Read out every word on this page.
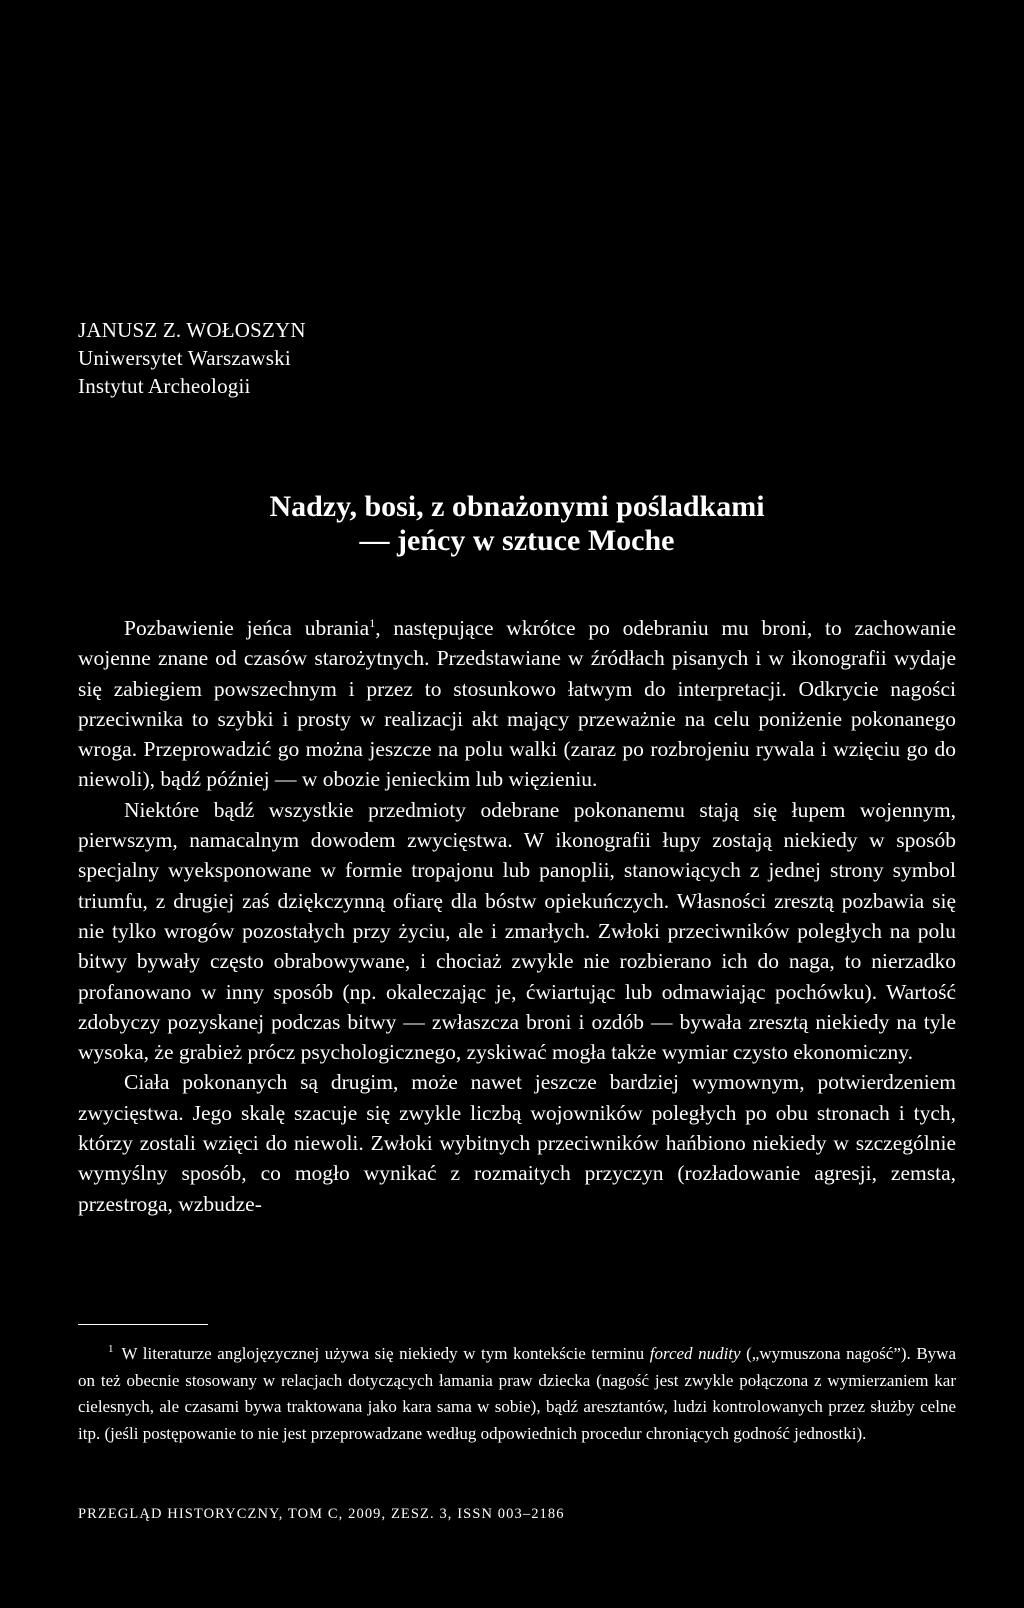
JANUSZ Z. WOŁOSZYN
Uniwersytet Warszawski
Instytut Archeologii
Nadzy, bosi, z obnażonymi pośladkami
— jeńcy w sztuce Moche

Pozbawienie jeńca ubrania$^1$, następujące wkrótce po odebraniu mu broni, to zachowanie wojenne znane od czasów starożytnych. Przedstawiane w źródłach pisanych i w ikonografii wydaje się zabiegiem powszechnym i przez to stosunkowo łatwym do interpretacji. Odkrycie nagości przeciwnika to szybki i prosty w realizacji akt mający przeważnie na celu poniżenie pokonanego wroga. Przeprowadzić go można jeszcze na polu walki (zaraz po rozbrojeniu rywala i wzięciu go do niewoli), bądź później — w obozie jenieckim lub więzieniu.

Niektóre bądź wszystkie przedmioty odebrane pokonanemu stają się łupem wojennym, pierwszym, namacalnym dowodem zwycięstwa. W ikonografii łupy zostają niekiedy w sposób specjalny wyeksponowane w formie tropajonu lub panoplii, stanowiących z jednej strony symbol triumfu, z drugiej zaś dziękczynną ofiarę dla bóstw opiekuńczych. Własności zresztą pozbawia się nie tylko wrogów pozostałych przy życiu, ale i zmarłych. Zwłoki przeciwników poległych na polu bitwy bywały często obrabowywane, i chociaż zwykle nie rozbierano ich do naga, to nierzadko profanowano w inny sposób (np. okaleczając je, ćwiartując lub odmawiając pochówku). Wartość zdobyczy pozyskanej podczas bitwy — zwłaszcza broni i ozdób — bywała zresztą niekiedy na tyle wysoka, że grabież prócz psychologicznego, zyskiwać mogła także wymiar czysto ekonomiczny.

Ciała pokonanych są drugim, może nawet jeszcze bardziej wymownym, potwierdzeniem zwycięstwa. Jego skalę szacuje się zwykle liczbą wojowników poległych po obu stronach i tych, którzy zostali wzięci do niewoli. Zwłoki wybitnych przeciwników hańbiono niekiedy w szczególnie wymyślny sposób, co mogło wynikać z rozmaitych przyczyn (rozładowanie agresji, zemsta, przestroga, wzbudze-

$^1$ W literaturze anglojęzycznej używa się niekiedy w tym kontekście terminu forced nudity („wymuszona nagość”). Bywa on też obecnie stosowany w relacjach dotyczących łamania praw dziecka (nagość jest zwykle połączona z wymierzaniem kar cielesnych, ale czasami bywa traktowana jako kara sama w sobie), bądź aresztantów, ludzi kontrolowanych przez służby celne itp. (jeśli postępowanie to nie jest przeprowadzane według odpowiednich procedur chroniących godność jednostki).

PRZEGLĄD HISTORYCZNY, TOM C, 2009, ZESZ. 3, ISSN 003–2186
